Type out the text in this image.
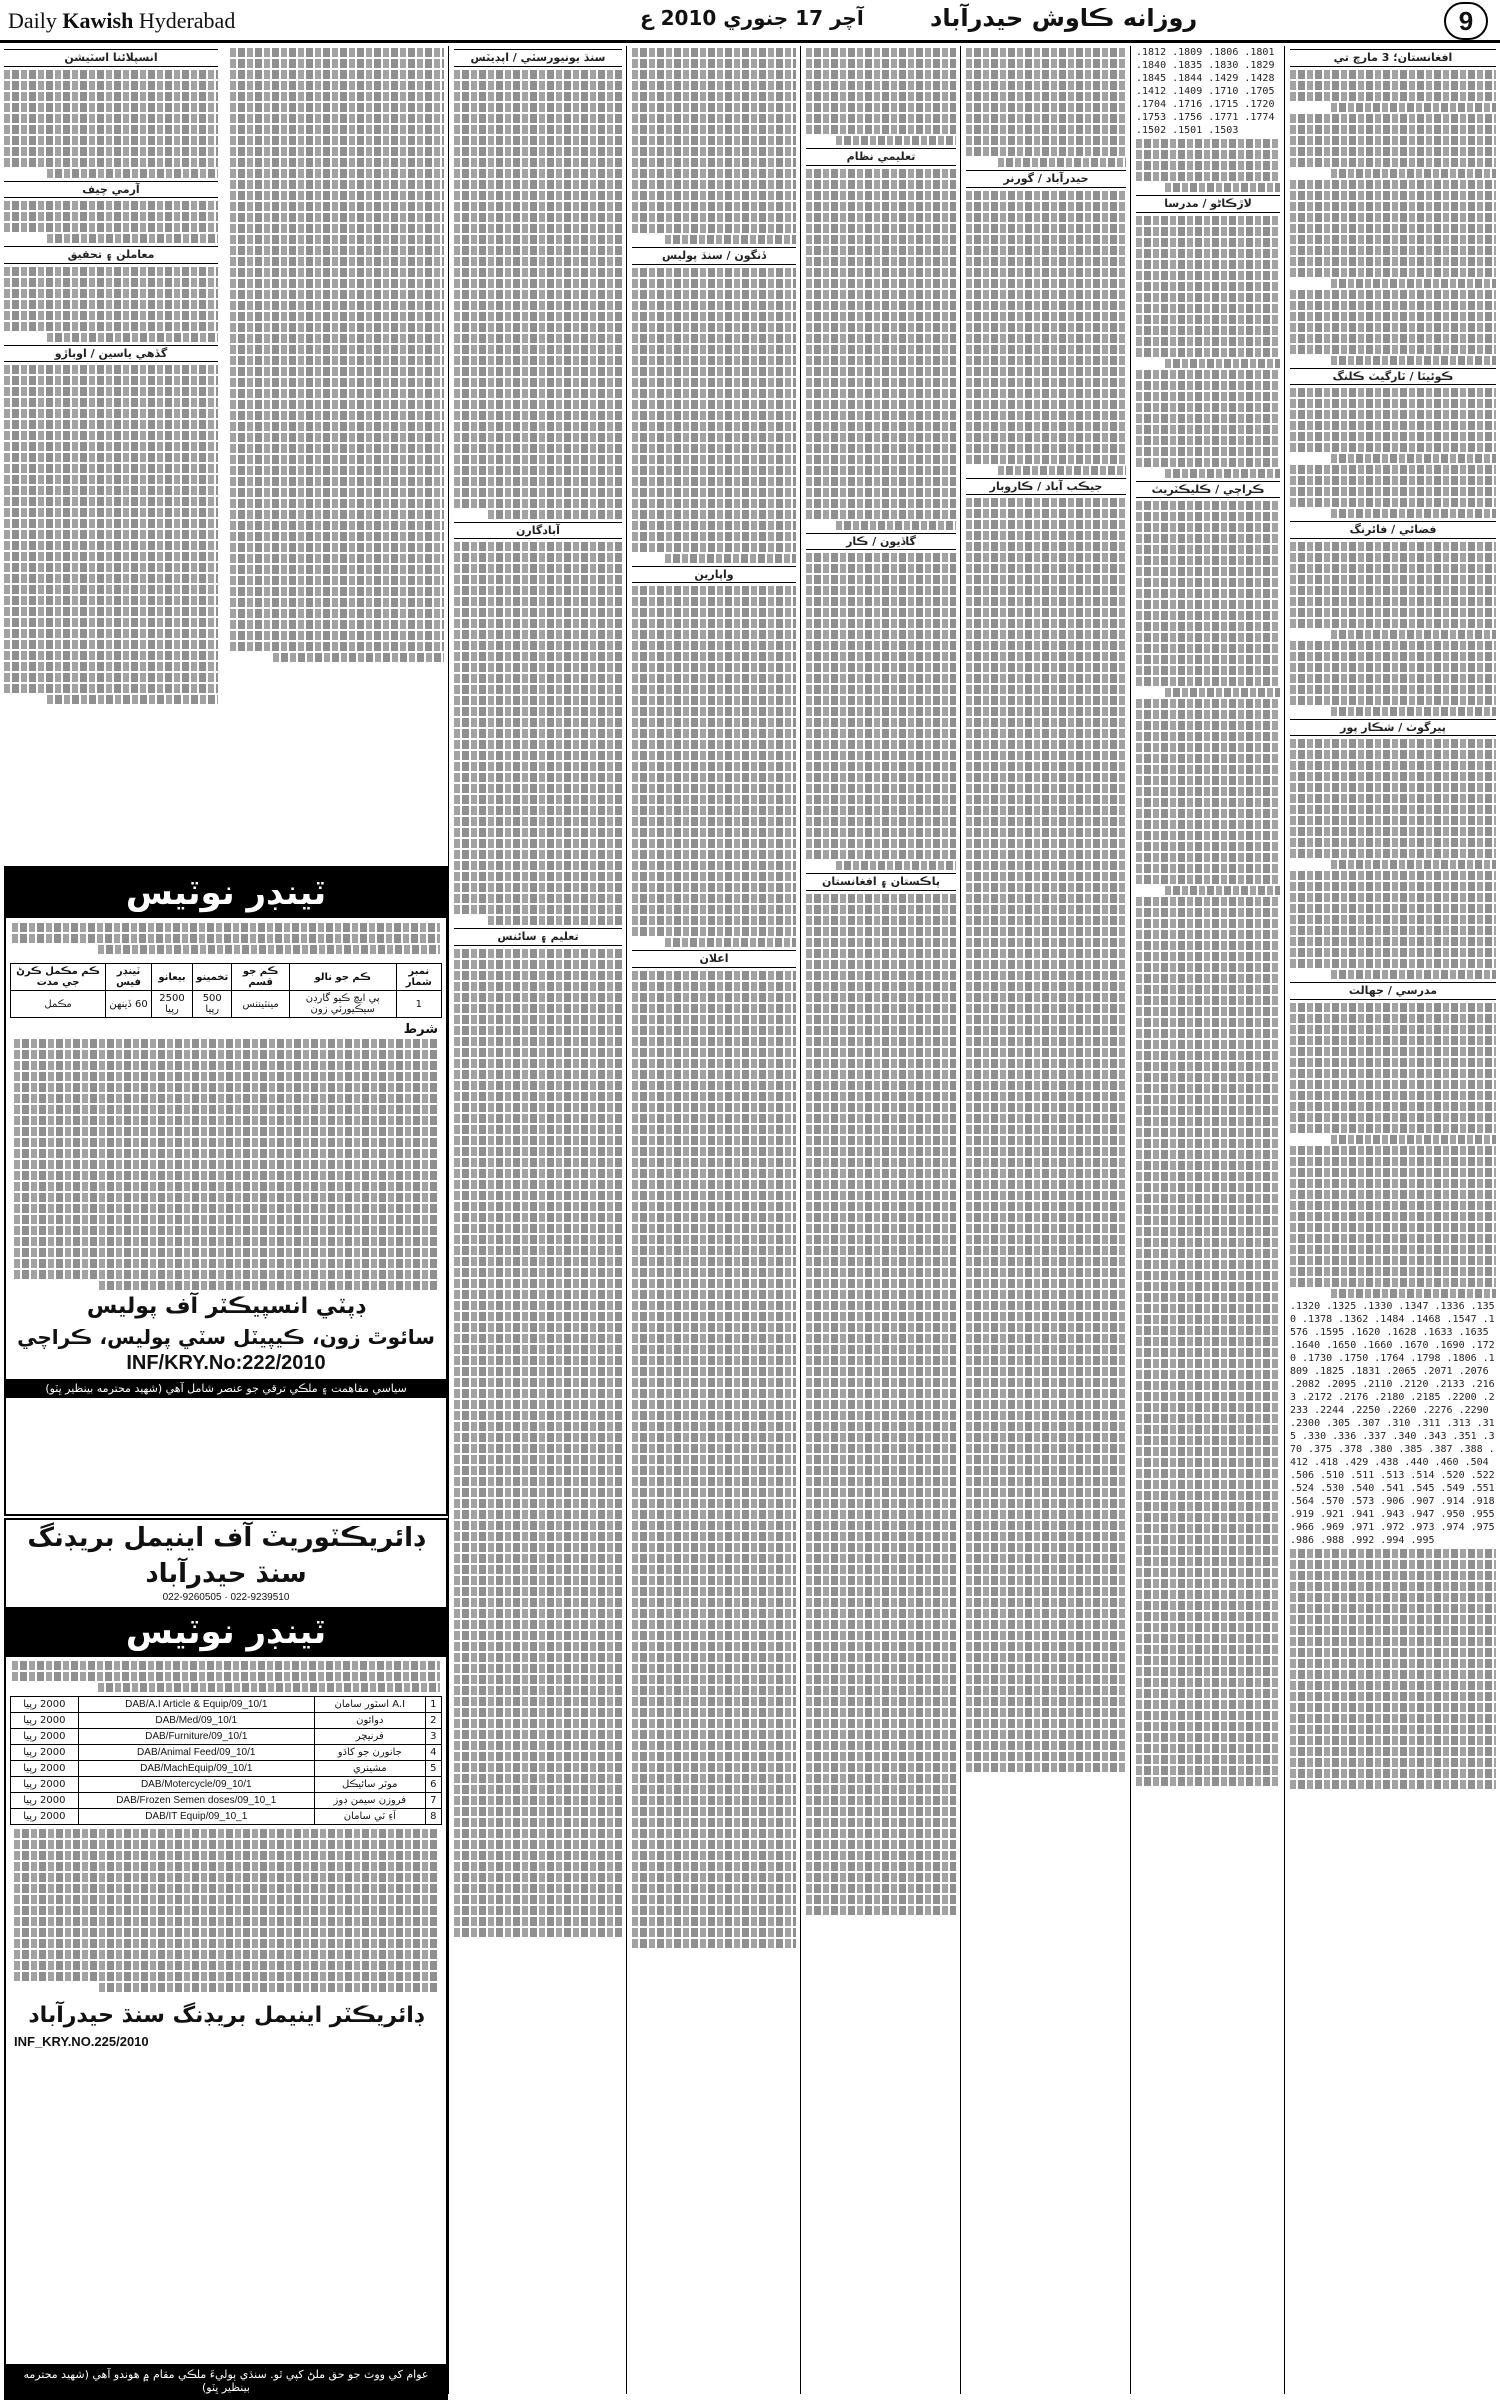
Daily Kawish Hyderabad	آچر 17 جنوري 2010 ع	روزانه ڪاوش حيدرآباد	9
افغانستان؛ 3 مارچ تي
ڪوئيٽا / ٽارگيٽ ڪلنگ
فضائي / فائرنگ
پيرگوٺ / شڪار پور
مدرسي / جهالت
.1320 .1325 .1330 .1347 .1336 .1350 .1378 .1362 .1484 .1468 .1547 .1576 .1595 .1620 .1628 .1633 .1635 .1640 .1650 .1660 .1670 .1690 .1720 .1730 .1750 .1764 .1798 .1806 .1809 .1825 .1831 .2065 .2071 .2076 .2082 .2095 .2110 .2120 .2133 .2163 .2172 .2176 .2180 .2185 .2200 .2233 .2244 .2250 .2260 .2276 .2290 .2300 .305 .307 .310 .311 .313 .315 .330 .336 .337 .340 .343 .351 .370 .375 .378 .380 .385 .387 .388 .412 .418 .429 .438 .440 .460 .504 .506 .510 .511 .513 .514 .520 .522 .524 .530 .540 .541 .545 .549 .551 .564 .570 .573 .906 .907 .914 .918 .919 .921 .941 .943 .947 .950 .955 .966 .969 .971 .972 .973 .974 .975 .986 .988 .992 .994 .995
.1812 .1809 .1806 .1801 .1840 .1835 .1830 .1829 .1845 .1844 .1429 .1428 .1412 .1409 .1710 .1705 .1704 .1716 .1715 .1720 .1753 .1756 .1771 .1774 .1502 .1501 .1503
لاڙڪاڻو / مدرسا
ڪراچي / ڪليڪٽريٽ
حيدرآباد / گورنر
جيڪب آباد / ڪاروبار
تعليمي نظام
گاڏيون / ڪار
پاڪستان ۽ افغانستان
ڏنگون / سنڌ پوليس
واپارين
اعلان
سنڌ يونيورسٽي / اپڊيٽس
آبادگارن
تعليم ۽ سائنس
انسپلائنا اسٽيشن
آرمي چيف
معاملن ۽ تحقيق
گڏهي ياسين / اوباڙو
ٽينڊر نوٽيس
نمبر شمار	ڪم جو نالو	ڪم جو قسم	تخمينو	بيعانو	ٽينڊر فيس	ڪم مڪمل ڪرڻ جي مدت
1	پي ايچ ڪيو گارڊن سيڪيورٽي زون	مينٽيننس	500 رپيا	2500 رپيا	60 ڏينهن	مڪمل
شرط
ڊپٽي انسپيڪٽر آف پوليس
سائوٿ زون، ڪيپيٽل سٽي پوليس، ڪراچي
INF/KRY.No:222/2010
سياسي مفاهمت ۽ ملڪي ترقي جو عنصر شامل آهي (شهيد محترمه بينظير ڀٽو)
ڊائريڪٽوريٽ آف اينيمل بريڊنگ سنڌ حيدرآباد
022-9260505 · 022-9239510
ٽينڊر نوٽيس
1	A.I اسٽور سامان	DAB/A.I Article & Equip/09_10/1	2000 رپيا
2	دوائون	DAB/Med/09_10/1	2000 رپيا
3	فرنيچر	DAB/Furniture/09_10/1	2000 رپيا
4	جانورن جو کاڌو	DAB/Animal Feed/09_10/1	2000 رپيا
5	مشينري	DAB/MachEquip/09_10/1	2000 رپيا
6	موٽر سائيڪل	DAB/Motercycle/09_10/1	2000 رپيا
7	فروزن سيمن ڊوز	DAB/Frozen Semen doses/09_10_1	2000 رپيا
8	آءِ ٽي سامان	DAB/IT Equip/09_10_1	2000 رپيا
ڊائريڪٽر اينيمل بريڊنگ سنڌ حيدرآباد
INF_KRY.NO.225/2010
عوام کي ووٽ جو حق ملڻ کپي ٿو. سنڌي ٻوليءَ ملڪي مقام ۾ هوندو آهي (شهيد محترمه بينظير ڀٽو)
